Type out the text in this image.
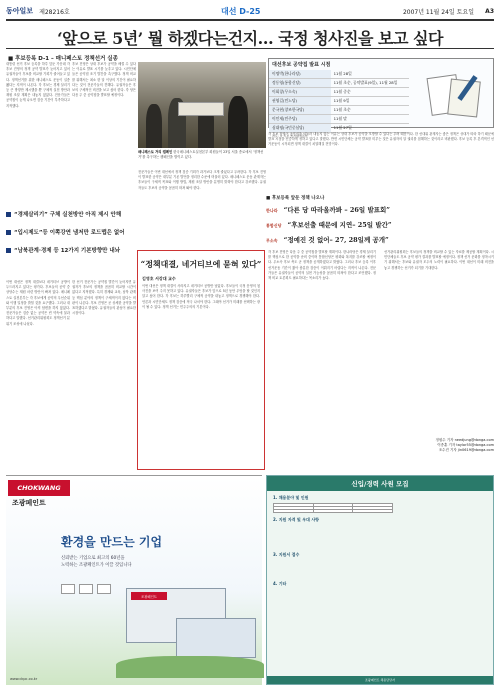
동아일보 제28216호	대선 D-25	2007년 11월 24일 토요일 A3
‘앞으로 5년’ 뭘 하겠다는건지… 국정 청사진을 보고 싶다
■ 후보등록 D-1 – 매니페스토 정책선거 실종
대통령 선거 후보 등록을 하루 앞둔 가운데 각 후보 진영의 정책 공약 발표가 늦어지고 있어 유권자들이 후보를 비교할 기회가 줄어들고 있다. 정책선거를 위한 매니페스토 운동이 실종됐다는 지적이 나온다. 각 후보는 경제 살리기 등 큰 방향만 제시했을 뿐 구체적 실천 방안과 재원 조달 계획은 내놓지 않았다. 전문가들은 공약집이 늦게 나오면 검증 기간이 부족하다고 지적했다.
후보 진영은 상대 후보가 공약을 베낄 수 있다는 이유로 발표 시기를 늦추고 있다. 시민단체들은 공약집 조기 발간을 촉구했다. 정책 비교를 위해서는 최소 한 달 이상의 기간이 필요하다는 것이 전문가들의 견해다. 유권자들은 후보의 구체적인 비전을 보고 싶어 한다. 각 당은 다음 주 중 공약집을 발표할 예정이다.
이번 대선은 정책 대결보다 네거티브 공방이 두드러지고 있다는 평가다. 후보들의 공약 중 상당수는 재원 마련 방안이 빠져 있다. 매니페스토 실천본부는 각 후보에게 공약의 우선순위와 이행 일정을 밝힐 것을 요구했다. 그러나 대부분의 후보 진영은 아직 답변을 하지 않았다. 전문가들은 검증 없는 공약은 빈 약속에 불과하다고 말했다. 선거관리위원회도 정책선거 분위기 조성에 나섰다.
한 선거 전문가는 공약집 발간이 늦어지면 유권자가 후보의 정책을 꼼꼼히 비교할 시간이 없다고 지적했다. 특히 경제와 교육, 남북 관계 등 핵심 분야의 정책이 구체적이지 않다는 비판이 나온다. 후보 진영은 곧 상세한 공약을 발표하겠다고 밝혔다. 유권자들의 관심이 필요한 시점이다.
매니페스토 거리 캠페인 한국매니페스토실천본부 회원들이 23일 서울 종로에서 ‘정책선거’를 촉구하는 캠페인을 벌이고 있다.
대선후보 공약집 발표 시점
이명박(한나라당)	11월 28일
정동영(통합신당)	11월 초순, 공약발표(9일), 11월 28일
이회창(무소속)	11월 중순
권영길(민노당)	11월 9일
문국현(창조한국당)	11월 초순
이인제(민주당)	11월 말
심대평(국민중심당)	11월 27일
자료: 각 후보 선거대책본부
각 후보 진영이 공약집을 서둘러 내놓지 않는 이유는 상대 후보가 공약을 모방할 수 있다는 우려 때문이다. 한 선대위 관계자는 좋은 정책은 상대가 따라 하기 때문에 발표 시점을 신중하게 정하고 있다고 말했다. 반면 시민단체는 공약 발표를 미루는 것은 유권자의 알 권리를 침해하는 것이라고 비판했다. 후보 등록 후 본격적인 선거운동이 시작되면 정책 대결이 치열해질 전망이다.
■ 후보등록 앞둔 정책 나오나
한나라 “다른 당 따라올까봐 – 26일 발표회”
통합신당 “후보선출 때문에 지연– 25일 발간”
무소속 “정예진 것 없어– 27, 28일께 공개”
“경제살리기” 구체 실천방안 아직 제시 안해
“입시제도”등 이쪽강연 냄저만 로드맵은 없어
“남북관계·경제 등 12가지 기본방향만 내놔
전문가들은 이번 대선에서 정책 검증 기회가 과거보다 크게 줄었다고 우려한다. 각 후보 진영이 발표한 공약은 대부분 기존 발언을 정리한 수준에 머물러 있다. 매니페스토 운동 관계자는 후보들이 구체적 목표와 이행 방법, 재원 조달 방안을 분명히 밝혀야 한다고 강조했다. 유권자들도 후보의 공약을 꼼꼼히 따져 봐야 한다.
“정책대결, 네거티브에 묻혀 있다”
김영호 서강대 교수
이번 대선은 정책 대결이 사라지고 네거티브 공방만 남았다. 후보들이 국정 운영의 청사진을 보여 주지 못하고 있다. 유권자들은 후보가 앞으로 5년 동안 무엇을 할 것인지 알고 싶어 한다. 각 후보는 하루빨리 구체적 공약을 내놓고 정책으로 경쟁해야 한다. 언론과 시민단체도 정책 검증에 적극 나서야 한다. 그래야 선거가 미래를 선택하는 장이 될 수 있다. 정책 선거는 민주주의의 기본이다.
각 후보 진영은 다음 주 중 공약집을 발표할 계획이다. 한나라당은 경제 살리기를 핵심으로 한 공약을 준비 중이며 통합신당은 평화와 복지를 강조할 예정이다. 무소속 후보 측도 곧 정책을 공개하겠다고 밝혔다. 그러나 후보 등록 이후 선거운동 기간이 짧아 충분한 검증이 이뤄지기 어렵다는 지적이 나온다. 전문가들은 유권자들이 공약의 실현 가능성을 꼼꼼히 따져야 한다고 조언했다. 정책 비교 토론회도 필요하다는 목소리가 높다.
선거관리위원회는 후보들의 정책을 비교할 수 있는 자료를 제공할 계획이다. 시민단체들도 후보 공약 평가 결과를 발표할 예정이다. 정책 선거 문화를 정착시키기 위해서는 후보와 유권자 모두의 노력이 필요하다. 이번 대선이 미래 비전을 놓고 경쟁하는 선거가 되기를 기대한다.
정원수 기자 needjung@donga.com
이종훈 기자 taylor55@donga.com
조수진 기자 jin0619@donga.com
CHOKWANG
조광페인트
환경을 만드는 기업
신뢰받는 기업으로 최고의 60년을
노력하는 조광페인트가 이끌 것입니다
조광페인트
www.ckpc.co.kr
신입/경력 사원 모집
1. 채용분야 및 인원

2. 지원 자격 및 우대 사항
3. 지원서 접수
4. 기타
조광페인트 채용담당자
